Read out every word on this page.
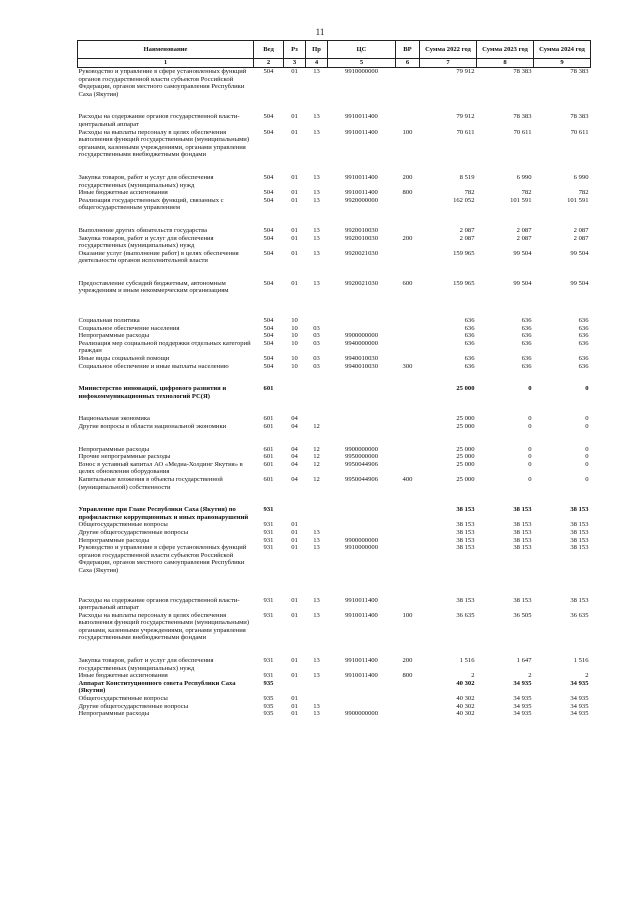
11
Наименование	Вед	Рз	Пр	ЦС	ВР	Сумма 2022 год	Сумма 2023 год	Сумма 2024 год
1	2	3	4	5	6	7	8	9
Руководство и управление в сфере установленных функций органов государственной власти субъектов Российской Федерации, органов местного самоуправления Республики Саха (Якутия)	504	01	13	9910000000		79 912	78 383	78 383

Расходы на содержание органов государственной власти- центральный аппарат	504	01	13	9910011400		79 912	78 383	78 383
Расходы на выплаты персоналу в целях обеспечения выполнения функций государственными (муниципальными) органами, казенными учреждениями, органами управления государственными внебюджетными фондами	504	01	13	9910011400	100	70 611	70 611	70 611

Закупка товаров, работ и услуг для обеспечения государственных (муниципальных) нужд	504	01	13	9910011400	200	8 519	6 990	6 990
Иные бюджетные ассигнования	504	01	13	9910011400	800	782	782	782
Реализация государственных функций, связанных с общегосударственным управлением	504	01	13	9920000000		162 052	101 591	101 591

Выполнение других обязательств государства	504	01	13	9920010030		2 087	2 087	2 087
Закупка товаров, работ и услуг для обеспечения государственных (муниципальных) нужд	504	01	13	9920010030	200	2 087	2 087	2 087
Оказание услуг (выполнение работ) в целях обеспечения деятельности органов исполнительной власти	504	01	13	9920021030		159 965	99 504	99 504

Предоставление субсидий бюджетным, автономным учреждениям и иным некоммерческим организациям	504	01	13	9920021030	600	159 965	99 504	99 504

Социальная политика	504	10				636	636	636
Социальное обеспечение населения	504	10	03			636	636	636
Непрограммные расходы	504	10	03	9900000000		636	636	636
Реализация мер социальной поддержки отдельных категорий граждан	504	10	03	9940000000		636	636	636
Иные виды социальной помощи	504	10	03	9940010030		636	636	636
Социальное обеспечение и иные выплаты населению	504	10	03	9940010030	300	636	636	636

Министерство инноваций, цифрового развития и инфокоммуникационных технологий РС(Я)	601					25 000	0	0

Национальная экономика	601	04				25 000	0	0
Другие вопросы в области национальной экономики	601	04	12			25 000	0	0

Непрограммные расходы	601	04	12	9900000000		25 000	0	0
Прочие непрограммные расходы	601	04	12	9950000000		25 000	0	0
Взнос в уставный капитал АО «Медиа-Холдинг Якутия» в целях обновления оборудования	601	04	12	9950044906		25 000	0	0
Капитальные вложения в объекты государственной (муниципальной) собственности	601	04	12	9950044906	400	25 000	0	0

Управление при Главе Республики Саха (Якутия) по профилактике коррупционных и иных правонарушений	931					38 153	38 153	38 153
Общегосударственные вопросы	931	01				38 153	38 153	38 153
Другие общегосударственные вопросы	931	01	13			38 153	38 153	38 153
Непрограммные расходы	931	01	13	9900000000		38 153	38 153	38 153
Руководство и управление в сфере установленных функций органов государственной власти субъектов Российской Федерации, органов местного самоуправления Республики Саха (Якутия)	931	01	13	9910000000		38 153	38 153	38 153

Расходы на содержание органов государственной власти- центральный аппарат	931	01	13	9910011400		38 153	38 153	38 153
Расходы на выплаты персоналу в целях обеспечения выполнения функций государственными (муниципальными) органами, казенными учреждениями, органами управления государственными внебюджетными фондами	931	01	13	9910011400	100	36 635	36 505	36 635

Закупка товаров, работ и услуг для обеспечения государственных (муниципальных) нужд	931	01	13	9910011400	200	1 516	1 647	1 516
Иные бюджетные ассигнования	931	01	13	9910011400	800	2	2	2
Аппарат Конституционного совета Республики Саха (Якутия)	935					40 302	34 935	34 935
Общегосударственные вопросы	935	01				40 302	34 935	34 935
Другие общегосударственные вопросы	935	01	13			40 302	34 935	34 935
Непрограммные расходы	935	01	13	9900000000		40 302	34 935	34 935
